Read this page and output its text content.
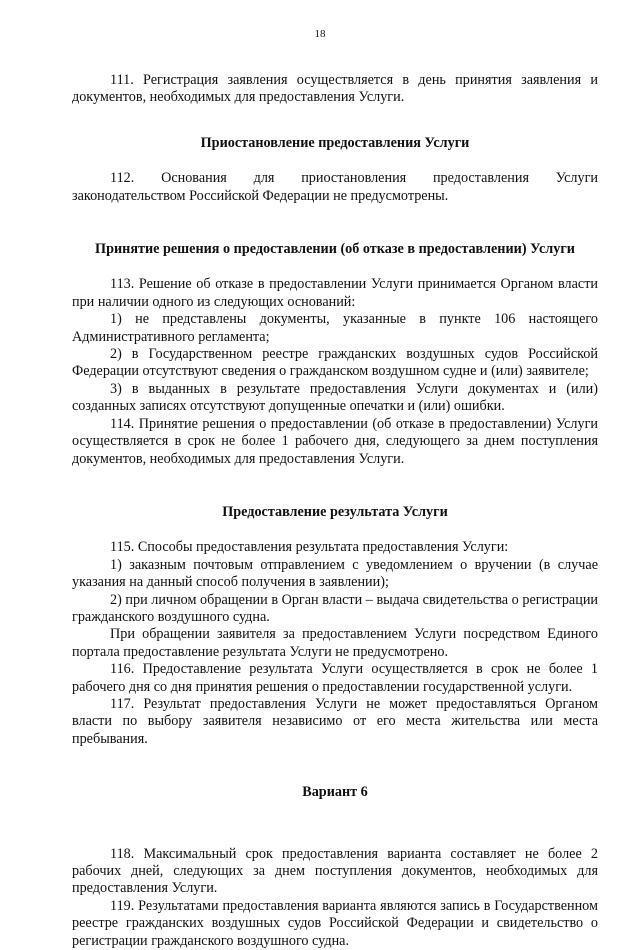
18

111. Регистрация заявления осуществляется в день принятия заявления и документов, необходимых для предоставления Услуги.

Приостановление предоставления Услуги

112. Основания для приостановления предоставления Услуги законодательством Российской Федерации не предусмотрены.

Принятие решения о предоставлении (об отказе в предоставлении) Услуги

113. Решение об отказе в предоставлении Услуги принимается Органом власти при наличии одного из следующих оснований:

1) не представлены документы, указанные в пункте 106 настоящего Административного регламента;

2) в Государственном реестре гражданских воздушных судов Российской Федерации отсутствуют сведения о гражданском воздушном судне и (или) заявителе;

3) в выданных в результате предоставления Услуги документах и (или) созданных записях отсутствуют допущенные опечатки и (или) ошибки.

114. Принятие решения о предоставлении (об отказе в предоставлении) Услуги осуществляется в срок не более 1 рабочего дня, следующего за днем поступления документов, необходимых для предоставления Услуги.

Предоставление результата Услуги

115. Способы предоставления результата предоставления Услуги:

1) заказным почтовым отправлением с уведомлением о вручении (в случае указания на данный способ получения в заявлении);

2) при личном обращении в Орган власти – выдача свидетельства о регистрации гражданского воздушного судна.

При обращении заявителя за предоставлением Услуги посредством Единого портала предоставление результата Услуги не предусмотрено.

116. Предоставление результата Услуги осуществляется в срок не более 1 рабочего дня со дня принятия решения о предоставлении государственной услуги.

117. Результат предоставления Услуги не может предоставляться Органом власти по выбору заявителя независимо от его места жительства или места пребывания.

Вариант 6

118. Максимальный срок предоставления варианта составляет не более 2 рабочих дней, следующих за днем поступления документов, необходимых для предоставления Услуги.

119. Результатами предоставления варианта являются запись в Государственном реестре гражданских воздушных судов Российской Федерации и свидетельство о регистрации гражданского воздушного судна.
